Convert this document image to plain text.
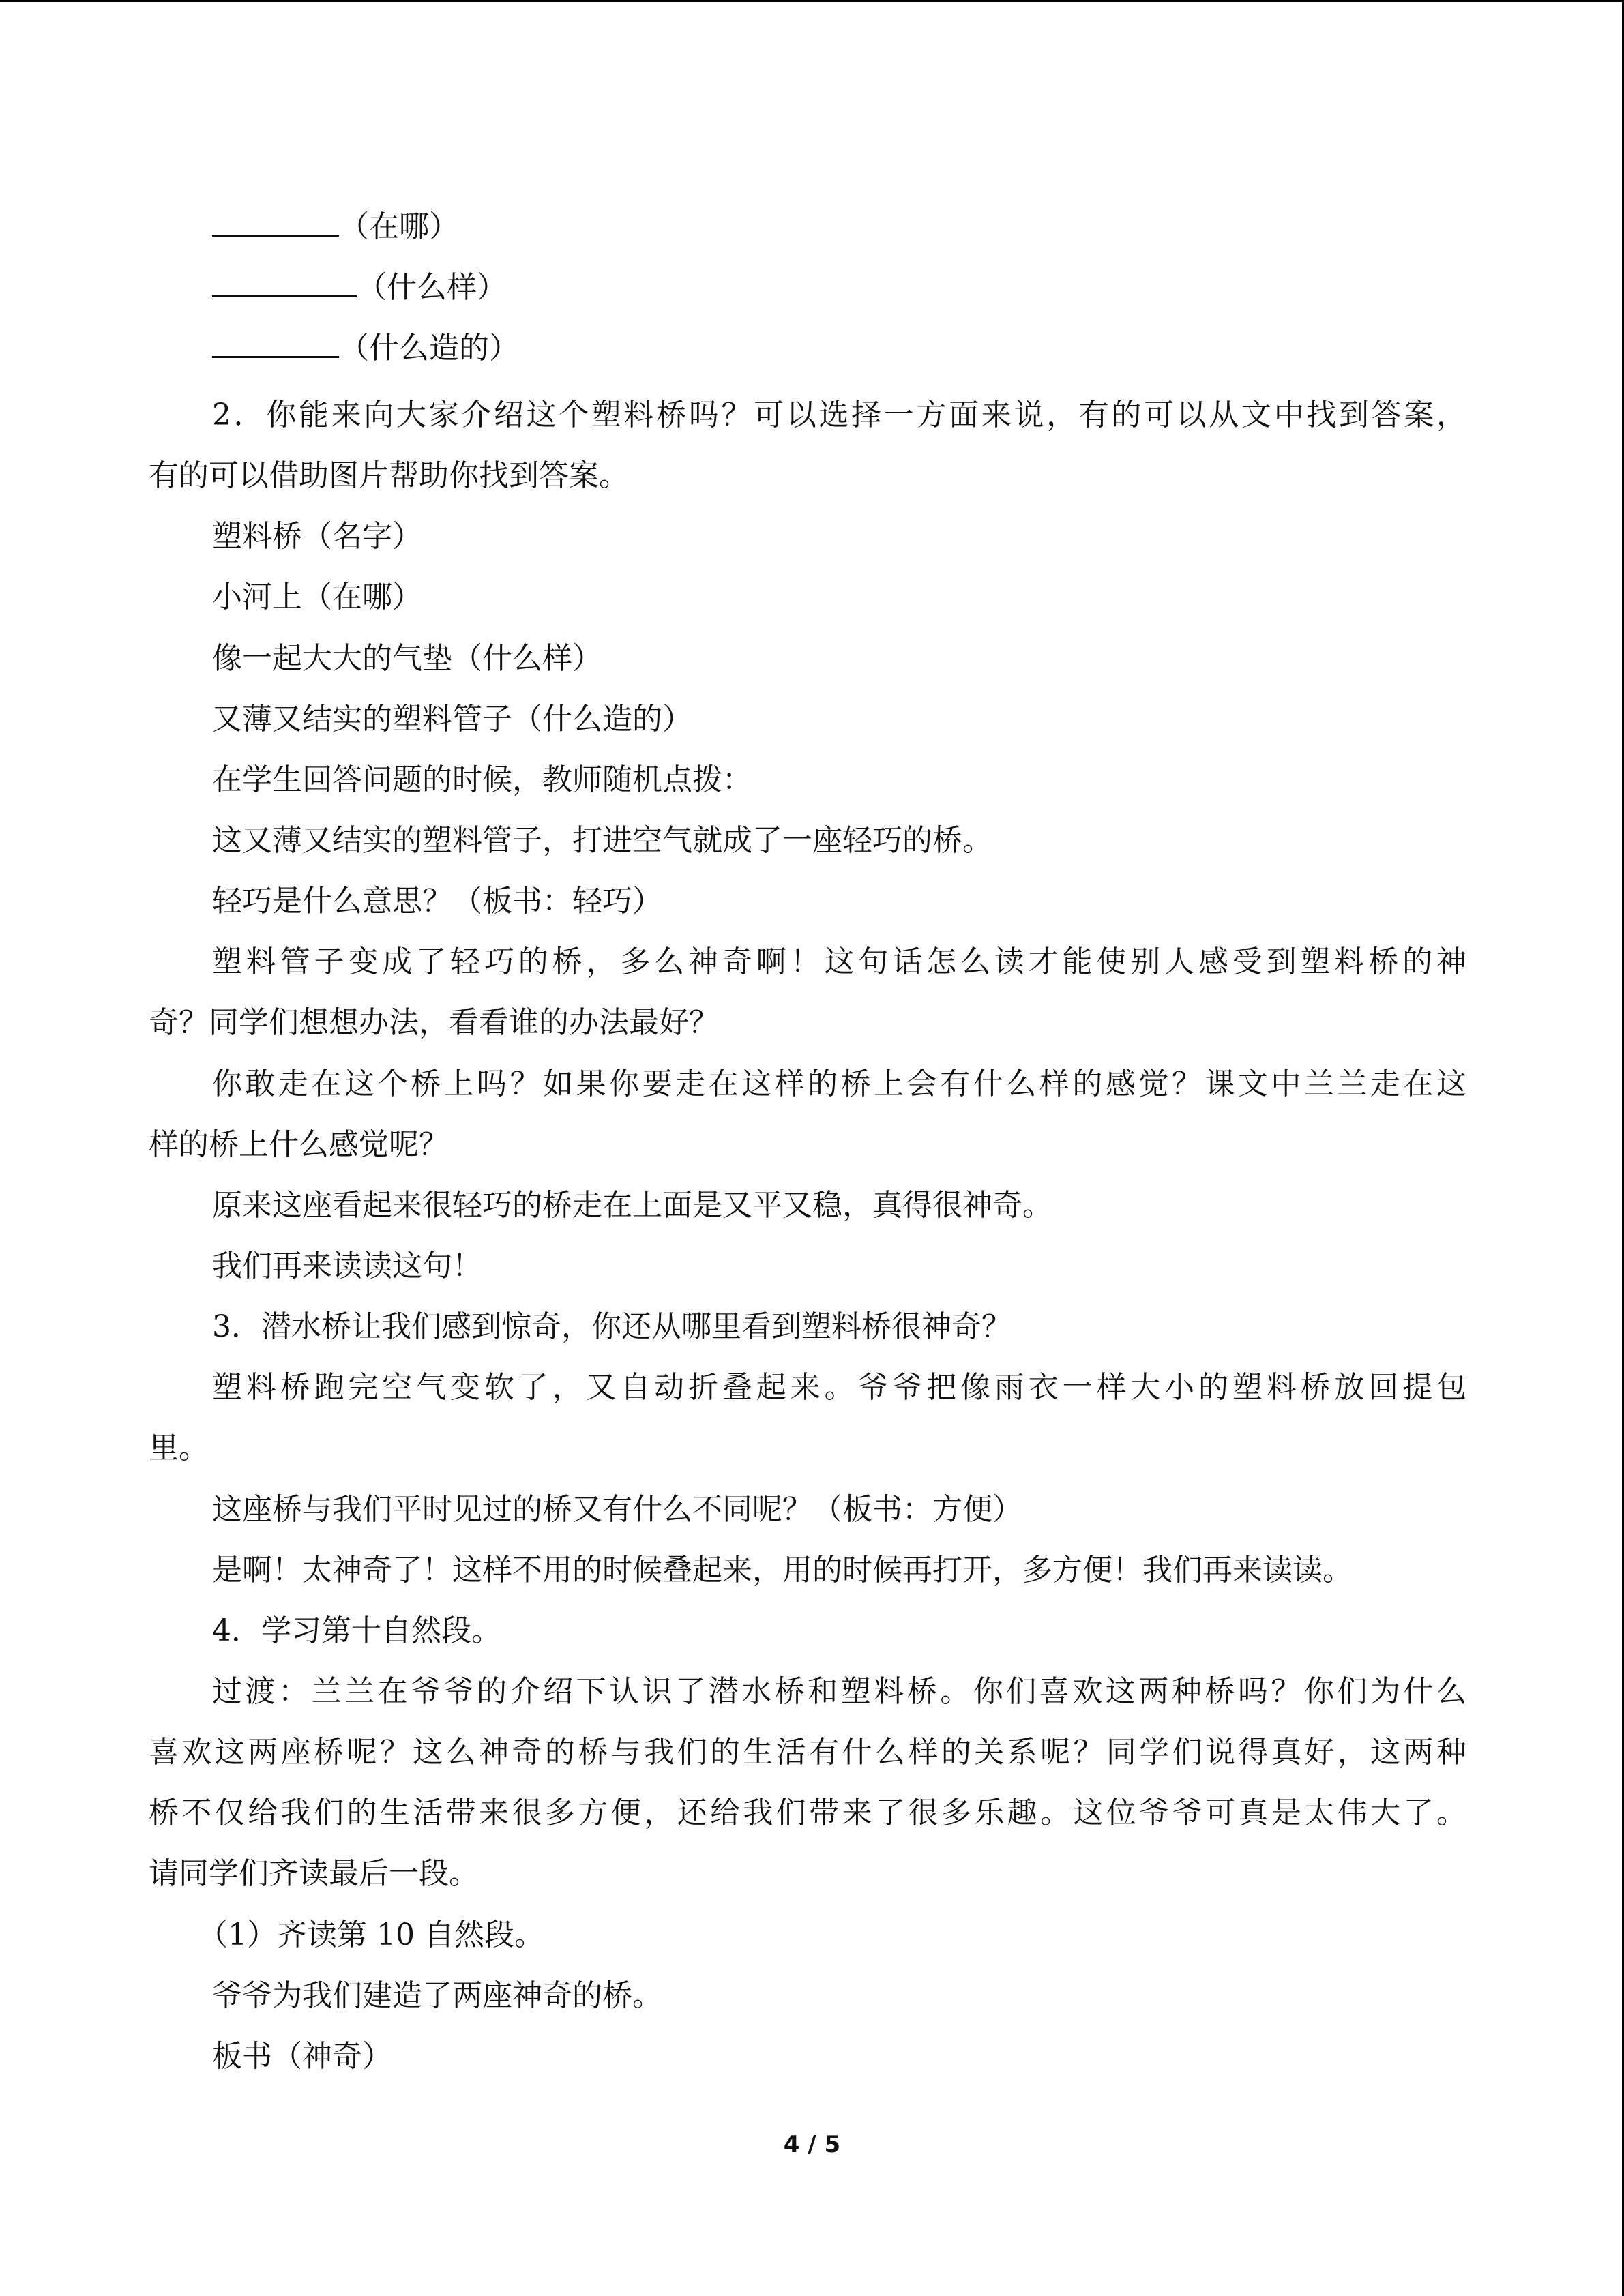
（在哪）
（什么样）
（什么造的）
2．你能来向大家介绍这个塑料桥吗？可以选择一方面来说，有的可以从文中找到答案，
有的可以借助图片帮助你找到答案。
塑料桥（名字）
小河上（在哪）
像一起大大的气垫（什么样）
又薄又结实的塑料管子（什么造的）
在学生回答问题的时候，教师随机点拨：
这又薄又结实的塑料管子，打进空气就成了一座轻巧的桥。
轻巧是什么意思？（板书：轻巧）
塑料管子变成了轻巧的桥，多么神奇啊！这句话怎么读才能使别人感受到塑料桥的神
奇？同学们想想办法，看看谁的办法最好？
你敢走在这个桥上吗？如果你要走在这样的桥上会有什么样的感觉？课文中兰兰走在这
样的桥上什么感觉呢？
原来这座看起来很轻巧的桥走在上面是又平又稳，真得很神奇。
我们再来读读这句！
3．潜水桥让我们感到惊奇，你还从哪里看到塑料桥很神奇？
塑料桥跑完空气变软了，又自动折叠起来。爷爷把像雨衣一样大小的塑料桥放回提包
里。
这座桥与我们平时见过的桥又有什么不同呢？（板书：方便）
是啊！太神奇了！这样不用的时候叠起来，用的时候再打开，多方便！我们再来读读。
4．学习第十自然段。
过渡：兰兰在爷爷的介绍下认识了潜水桥和塑料桥。你们喜欢这两种桥吗？你们为什么
喜欢这两座桥呢？这么神奇的桥与我们的生活有什么样的关系呢？同学们说得真好，这两种
桥不仅给我们的生活带来很多方便，还给我们带来了很多乐趣。这位爷爷可真是太伟大了。
请同学们齐读最后一段。
（1）齐读第 10 自然段。
爷爷为我们建造了两座神奇的桥。
板书（神奇）
4 / 5
